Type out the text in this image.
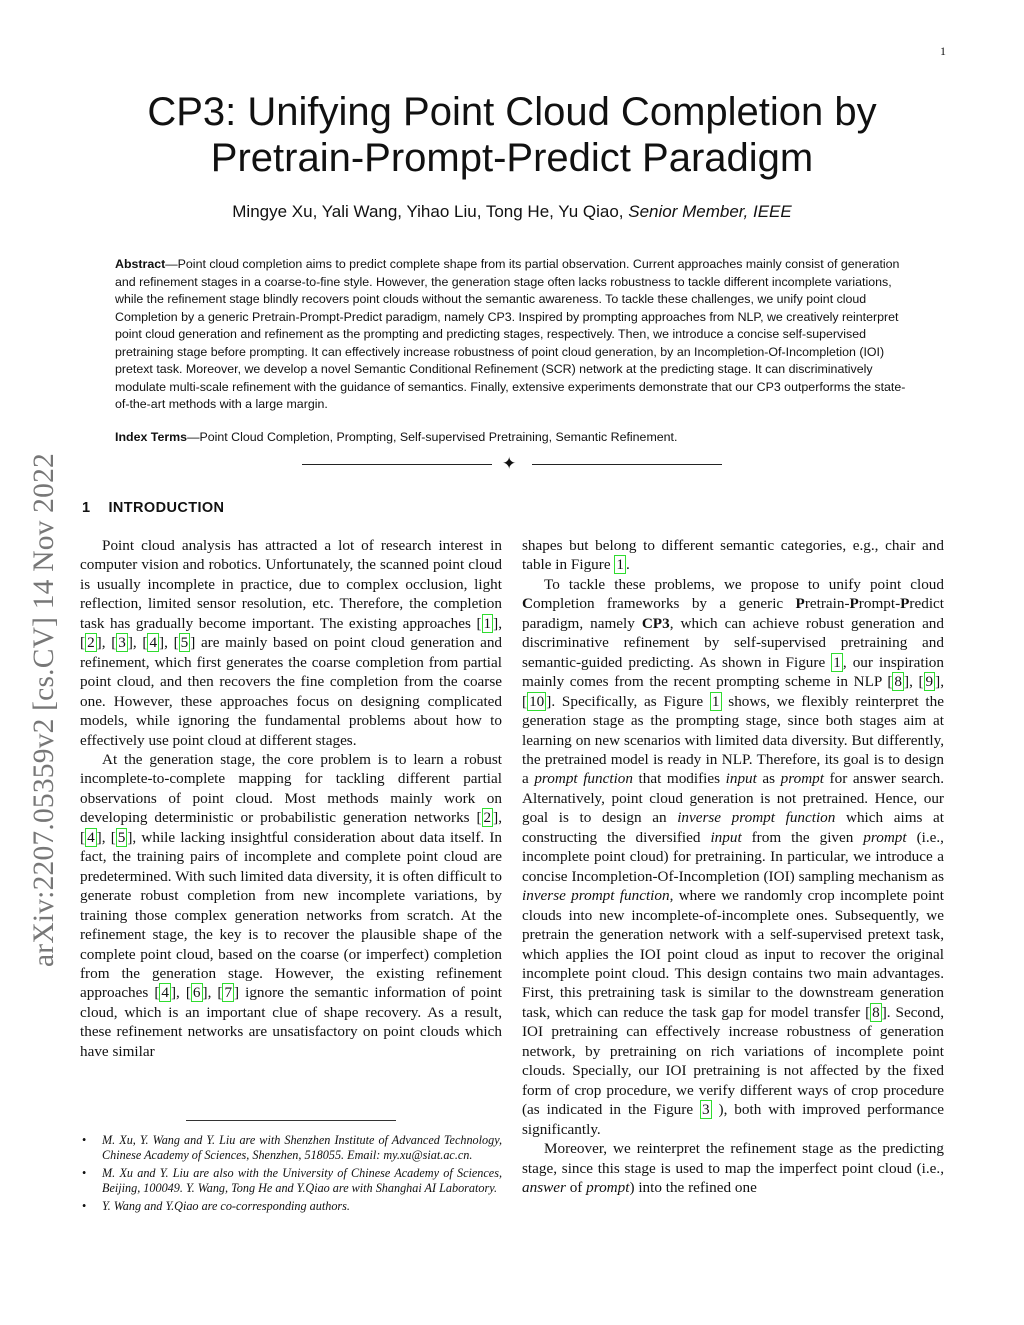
1
arXiv:2207.05359v2 [cs.CV] 14 Nov 2022
CP3: Unifying Point Cloud Completion by
Pretrain-Prompt-Predict Paradigm
Mingye Xu, Yali Wang, Yihao Liu, Tong He, Yu Qiao, Senior Member, IEEE
Abstract—Point cloud completion aims to predict complete shape from its partial observation. Current approaches mainly consist of generation and refinement stages in a coarse-to-fine style. However, the generation stage often lacks robustness to tackle different incomplete variations, while the refinement stage blindly recovers point clouds without the semantic awareness. To tackle these challenges, we unify point cloud Completion by a generic Pretrain-Prompt-Predict paradigm, namely CP3. Inspired by prompting approaches from NLP, we creatively reinterpret point cloud generation and refinement as the prompting and predicting stages, respectively. Then, we introduce a concise self-supervised pretraining stage before prompting. It can effectively increase robustness of point cloud generation, by an Incompletion-Of-Incompletion (IOI) pretext task. Moreover, we develop a novel Semantic Conditional Refinement (SCR) network at the predicting stage. It can discriminatively modulate multi-scale refinement with the guidance of semantics. Finally, extensive experiments demonstrate that our CP3 outperforms the state-of-the-art methods with a large margin.
Index Terms—Point Cloud Completion, Prompting, Self-supervised Pretraining, Semantic Refinement.
✦
1 INTRODUCTION

Point cloud analysis has attracted a lot of research interest in computer vision and robotics. Unfortunately, the scanned point cloud is usually incomplete in practice, due to complex occlusion, light reflection, limited sensor resolution, etc. Therefore, the completion task has gradually become important. The existing approaches [ 1 ], [ 2 ], [ 3 ], [ 4 ], [ 5 ] are mainly based on point cloud generation and refinement, which first generates the coarse completion from partial point cloud, and then recovers the fine completion from the coarse one. However, these approaches focus on designing complicated models, while ignoring the fundamental problems about how to effectively use point cloud at different stages.

At the generation stage, the core problem is to learn a robust incomplete-to-complete mapping for tackling different partial observations of point cloud. Most methods mainly work on developing deterministic or probabilistic generation networks [ 2 ], [ 4 ], [ 5 ], while lacking insightful consideration about data itself. In fact, the training pairs of incomplete and complete point cloud are predetermined. With such limited data diversity, it is often difficult to generate robust completion from new incomplete variations, by training those complex generation networks from scratch. At the refinement stage, the key is to recover the plausible shape of the complete point cloud, based on the coarse (or imperfect) completion from the generation stage. However, the existing refinement approaches [ 4 ], [ 6 ], [ 7 ] ignore the semantic information of point cloud, which is an important clue of shape recovery. As a result, these refinement networks are unsatisfactory on point clouds which have similar

• M. Xu, Y. Wang and Y. Liu are with Shenzhen Institute of Advanced Technology, Chinese Academy of Sciences, Shenzhen, 518055. Email: my.xu@siat.ac.cn.
• M. Xu and Y. Liu are also with the University of Chinese Academy of Sciences, Beijing, 100049. Y. Wang, Tong He and Y.Qiao are with Shanghai AI Laboratory.
• Y. Wang and Y.Qiao are co-corresponding authors.

shapes but belong to different semantic categories, e.g., chair and table in Figure 1 .

To tackle these problems, we propose to unify point cloud Completion frameworks by a generic Pretrain-Prompt-Predict paradigm, namely CP3, which can achieve robust generation and discriminative refinement by self-supervised pretraining and semantic-guided predicting. As shown in Figure 1 , our inspiration mainly comes from the recent prompting scheme in NLP [ 8 ], [ 9 ], [ 10 ]. Specifically, as Figure 1 shows, we flexibly reinterpret the generation stage as the prompting stage, since both stages aim at learning on new scenarios with limited data diversity. But differently, the pretrained model is ready in NLP. Therefore, its goal is to design a prompt function that modifies input as prompt for answer search. Alternatively, point cloud generation is not pretrained. Hence, our goal is to design an inverse prompt function which aims at constructing the diversified input from the given prompt (i.e., incomplete point cloud) for pretraining. In particular, we introduce a concise Incompletion-Of-Incompletion (IOI) sampling mechanism as inverse prompt function, where we randomly crop incomplete point clouds into new incomplete-of-incomplete ones. Subsequently, we pretrain the generation network with a self-supervised pretext task, which applies the IOI point cloud as input to recover the original incomplete point cloud. This design contains two main advantages. First, this pretraining task is similar to the downstream generation task, which can reduce the task gap for model transfer [ 8 ]. Second, IOI pretraining can effectively increase robustness of generation network, by pretraining on rich variations of incomplete point clouds. Specially, our IOI pretraining is not affected by the fixed form of crop procedure, we verify different ways of crop procedure (as indicated in the Figure 3 ), both with improved performance significantly.

Moreover, we reinterpret the refinement stage as the predicting stage, since this stage is used to map the imperfect point cloud (i.e., answer of prompt) into the refined one
